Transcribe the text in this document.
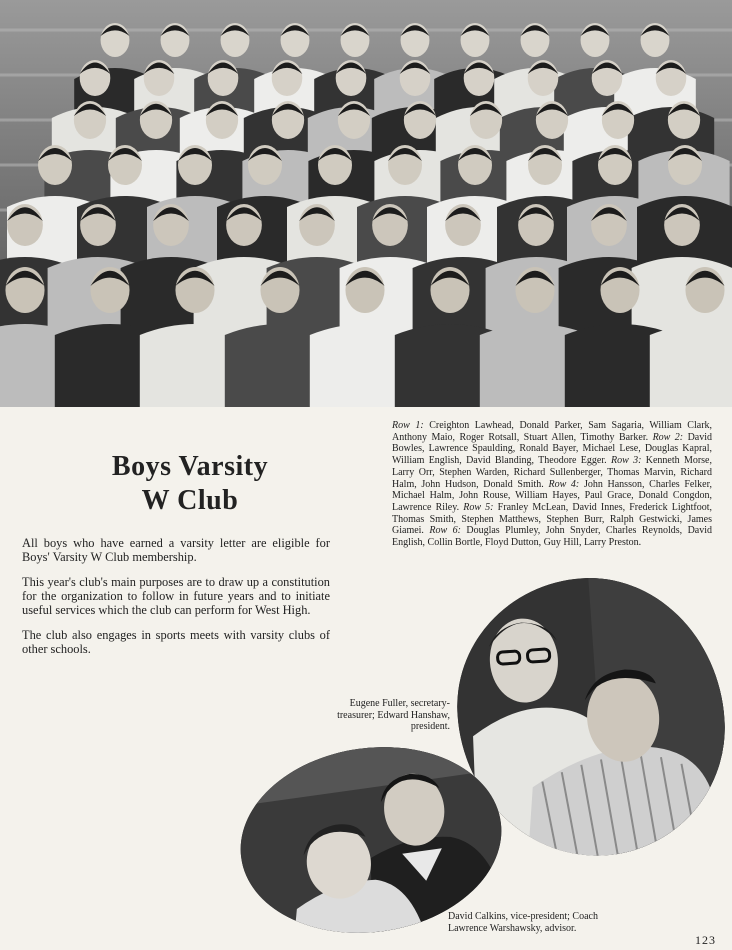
Boys Varsity
W Club

All boys who have earned a varsity letter are eligible for Boys' Varsity W Club membership.

This year's club's main purposes are to draw up a constitution for the organization to follow in future years and to initiate useful services which the club can perform for West High.

The club also engages in sports meets with varsity clubs of other schools.

Row 1: Creighton Lawhead, Donald Parker, Sam Sagaria, William Clark, Anthony Maio, Roger Rotsall, Stuart Allen, Timothy Barker. Row 2: David Bowles, Lawrence Spaulding, Ronald Bayer, Michael Lese, Douglas Kapral, William English, David Blanding, Theodore Egger. Row 3: Kenneth Morse, Larry Orr, Stephen Warden, Richard Sullenberger, Thomas Marvin, Richard Halm, John Hudson, Donald Smith. Row 4: John Hansson, Charles Felker, Michael Halm, John Rouse, William Hayes, Paul Grace, Donald Congdon, Lawrence Riley. Row 5: Franley McLean, David Innes, Frederick Lightfoot, Thomas Smith, Stephen Matthews, Stephen Burr, Ralph Gestwicki, James Giamei. Row 6: Douglas Plumley, John Snyder, Charles Reynolds, David English, Collin Bortle, Floyd Dutton, Guy Hill, Larry Preston.
Eugene Fuller, secretary-treasurer; Edward Hanshaw, president.
David Calkins, vice-president; Coach Lawrence Warshawsky, advisor.
123
